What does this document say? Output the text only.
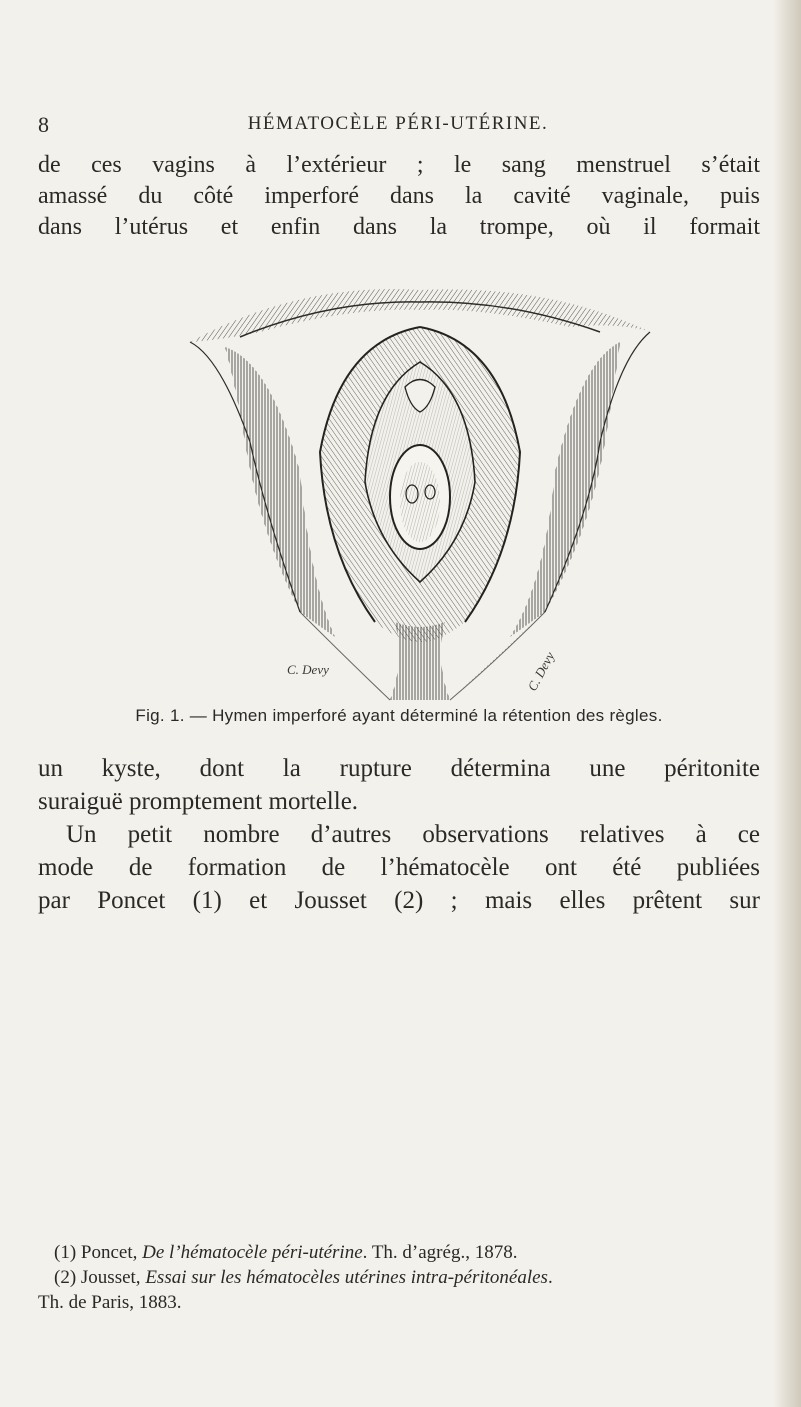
8	HÉMATOCÈLE PÉRI-UTÉRINE.

de ces vagins à l’extérieur ; le sang menstruel s’était

amassé du côté imperforé dans la cavité vaginale, puis

dans l’utérus et enfin dans la trompe, où il formait

C. Devy	C. Devy
Fig. 1. — Hymen imperforé ayant déterminé la rétention des règles.

un kyste, dont la rupture détermina une péritonite

suraiguë promptement mortelle.

Un petit nombre d’autres observations relatives à ce

mode de formation de l’hématocèle ont été publiées

par Poncet (1) et Jousset (2) ; mais elles prêtent sur

(1) Poncet, De l’hématocèle péri-utérine. Th. d’agrég., 1878.

(2) Jousset, Essai sur les hématocèles utérines intra-péritonéales.

Th. de Paris, 1883.
